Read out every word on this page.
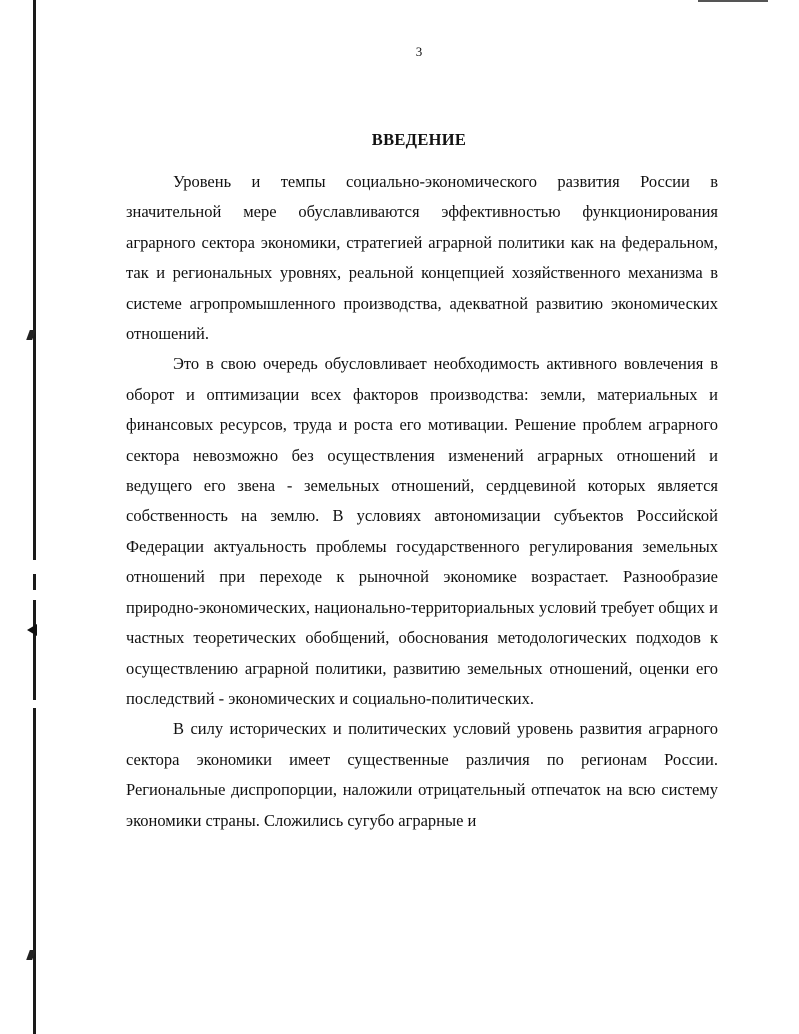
3
ВВЕДЕНИЕ

Уровень и темпы социально-экономического развития России в значительной мере обуславливаются эффективностью функционирования аграрного сектора экономики, стратегией аграрной политики как на федеральном, так и региональных уровнях, реальной концепцией хозяйственного механизма в системе агропромышленного производства, адекватной развитию экономических отношений.

Это в свою очередь обусловливает необходимость активного вовлечения в оборот и оптимизации всех факторов производства: земли, материальных и финансовых ресурсов, труда и роста его мотивации. Решение проблем аграрного сектора невозможно без осуществления изменений аграрных отношений и ведущего его звена - земельных отношений, сердцевиной которых является собственность на землю. В условиях автономизации субъектов Российской Федерации актуальность проблемы государственного регулирования земельных отношений при переходе к рыночной экономике возрастает. Разнообразие природно-экономических, национально-территориальных условий требует общих и частных теоретических обобщений, обоснования методологических подходов к осуществлению аграрной политики, развитию земельных отношений, оценки его последствий - экономических и социально-политических.

В силу исторических и политических условий уровень развития аграрного сектора экономики имеет существенные различия по регионам России. Региональные диспропорции, наложили отрицательный отпечаток на всю систему экономики страны. Сложились сугубо аграрные и
